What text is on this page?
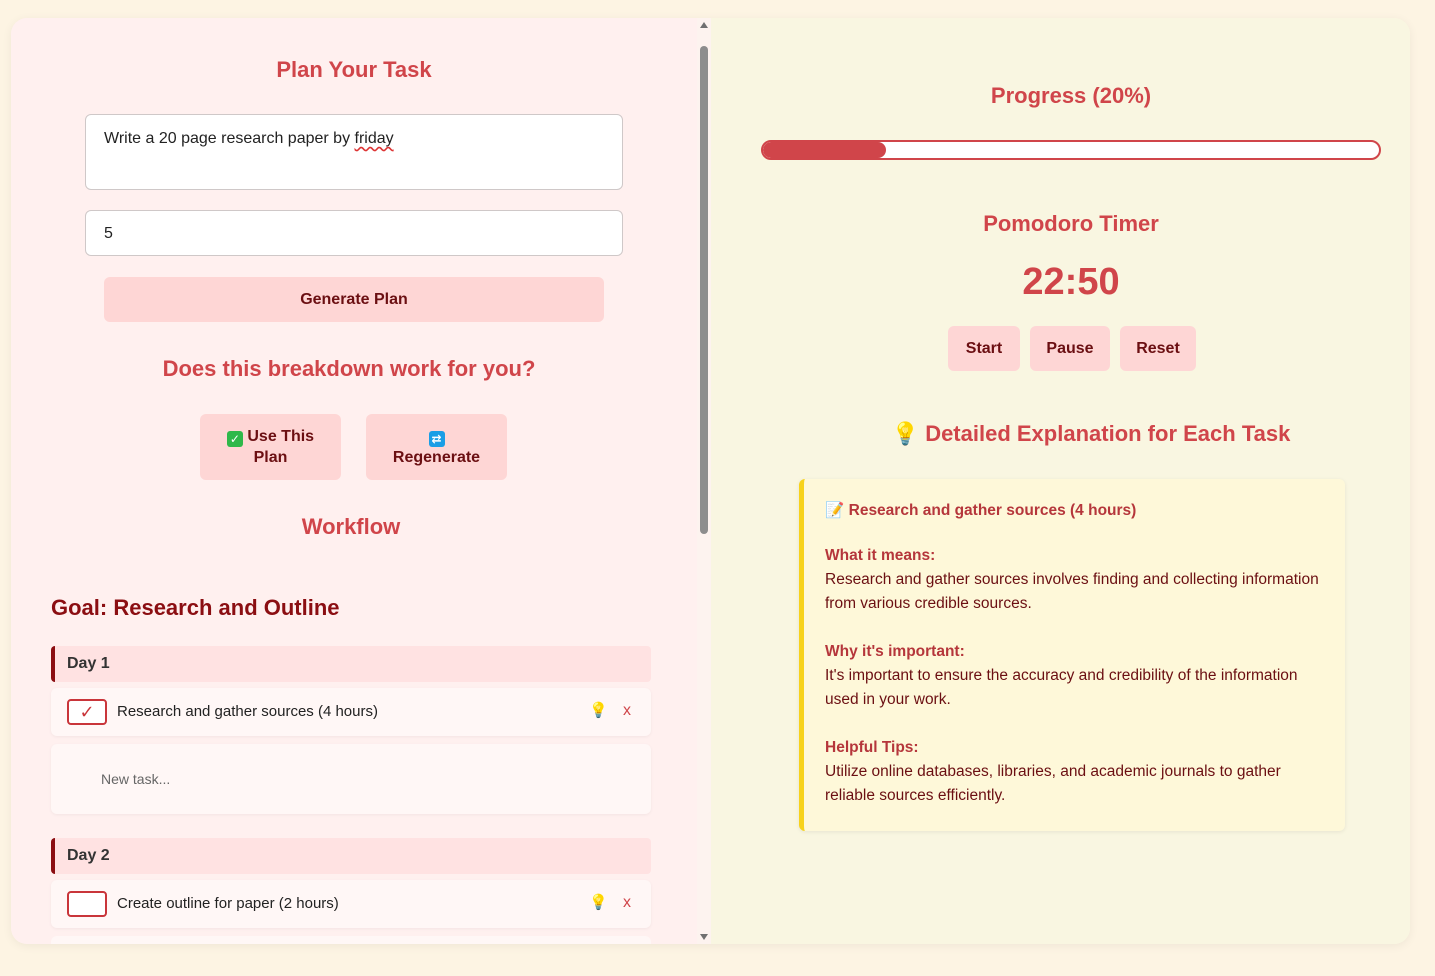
Plan Your Task
Write a 20 page research paper by friday
5
Generate Plan
Does this breakdown work for you?
✓ Use This
Plan
⇄
Regenerate
Workflow
Goal: Research and Outline
Day 1
✓	Research and gather sources (4 hours)	💡 x
New task...
Day 2
Create outline for paper (2 hours)	💡 x
Progress (20%)
Pomodoro Timer
22:50
Start	Pause	Reset
💡 Detailed Explanation for Each Task
📝 Research and gather sources (4 hours)
What it means:
Research and gather sources involves finding and collecting information from various credible sources.
Why it's important:
It's important to ensure the accuracy and credibility of the information used in your work.
Helpful Tips:
Utilize online databases, libraries, and academic journals to gather reliable sources efficiently.
